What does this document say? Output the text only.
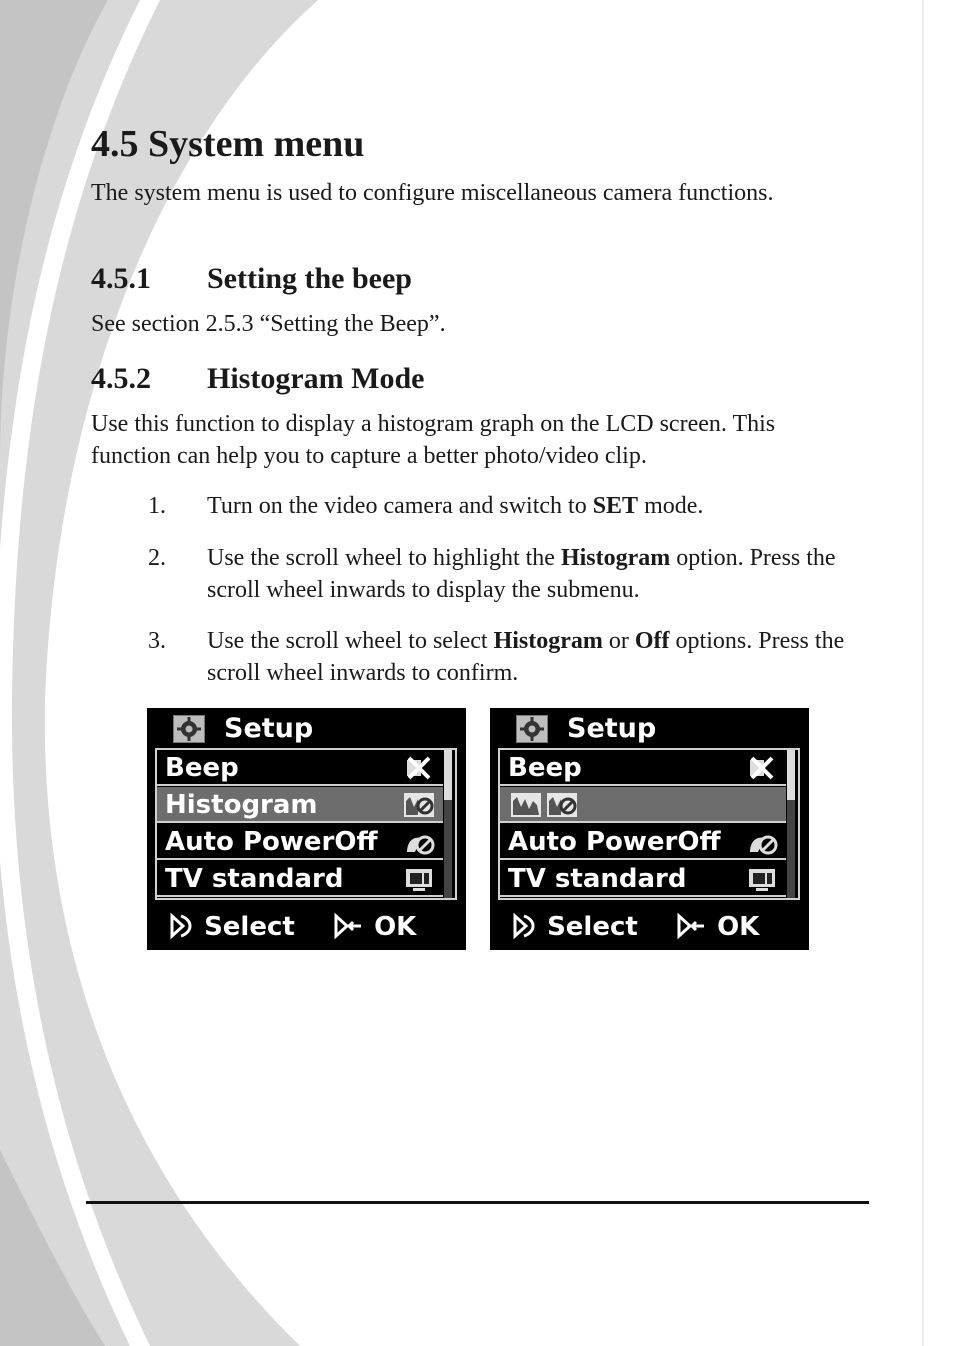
4.5 System menu

The system menu is used to configure miscellaneous camera functions.

4.5.1 Setting the beep

See section 2.5.3 “Setting the Beep”.

4.5.2 Histogram Mode

Use this function to display a histogram graph on the LCD screen. This function can help you to capture a better photo/video clip.

1. Turn on the video camera and switch to SET mode.
2. Use the scroll wheel to highlight the Histogram option. Press the scroll wheel inwards to display the submenu.
3. Use the scroll wheel to select Histogram or Off options. Press the scroll wheel inwards to confirm.
Setup
Beep
Histogram
Auto PowerOff
TV standard
Select	OK
Setup
Beep
Auto PowerOff
TV standard
Select	OK
